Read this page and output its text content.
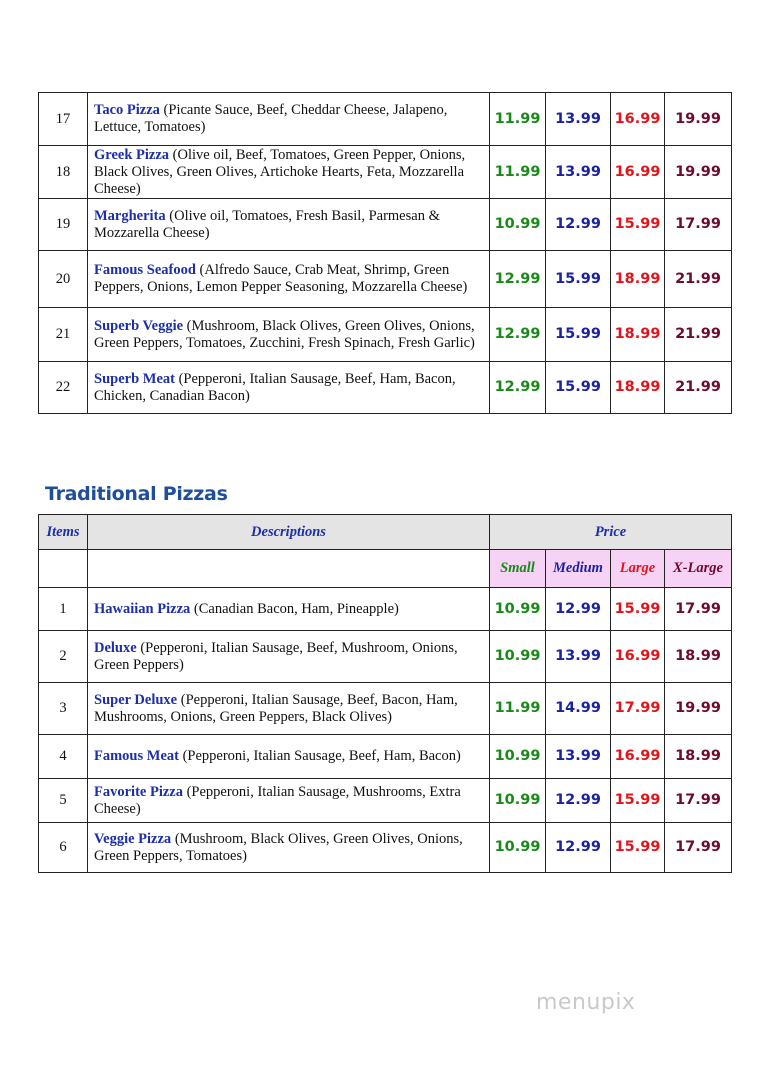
17	Taco Pizza (Picante Sauce, Beef, Cheddar Cheese, Jalapeno, Lettuce, Tomatoes)	11.99	13.99	16.99	19.99
18	Greek Pizza (Olive oil, Beef, Tomatoes, Green Pepper, Onions, Black Olives, Green Olives, Artichoke Hearts, Feta, Mozzarella Cheese)	11.99	13.99	16.99	19.99
19	Margherita (Olive oil, Tomatoes, Fresh Basil, Parmesan & Mozzarella Cheese)	10.99	12.99	15.99	17.99
20	Famous Seafood (Alfredo Sauce, Crab Meat, Shrimp, Green Peppers, Onions, Lemon Pepper Seasoning, Mozzarella Cheese)	12.99	15.99	18.99	21.99
21	Superb Veggie (Mushroom, Black Olives, Green Olives, Onions, Green Peppers, Tomatoes, Zucchini, Fresh Spinach, Fresh Garlic)	12.99	15.99	18.99	21.99
22	Superb Meat (Pepperoni, Italian Sausage, Beef, Ham, Bacon, Chicken, Canadian Bacon)	12.99	15.99	18.99	21.99
Traditional Pizzas
Items	Descriptions	Price			
		Small	Medium	Large	X-Large
1	Hawaiian Pizza (Canadian Bacon, Ham, Pineapple)	10.99	12.99	15.99	17.99
2	Deluxe (Pepperoni, Italian Sausage, Beef, Mushroom, Onions, Green Peppers)	10.99	13.99	16.99	18.99
3	Super Deluxe (Pepperoni, Italian Sausage, Beef, Bacon, Ham, Mushrooms, Onions, Green Peppers, Black Olives)	11.99	14.99	17.99	19.99
4	Famous Meat (Pepperoni, Italian Sausage, Beef, Ham, Bacon)	10.99	13.99	16.99	18.99
5	Favorite Pizza (Pepperoni, Italian Sausage, Mushrooms, Extra Cheese)	10.99	12.99	15.99	17.99
6	Veggie Pizza (Mushroom, Black Olives, Green Olives, Onions, Green Peppers, Tomatoes)	10.99	12.99	15.99	17.99
menupix
